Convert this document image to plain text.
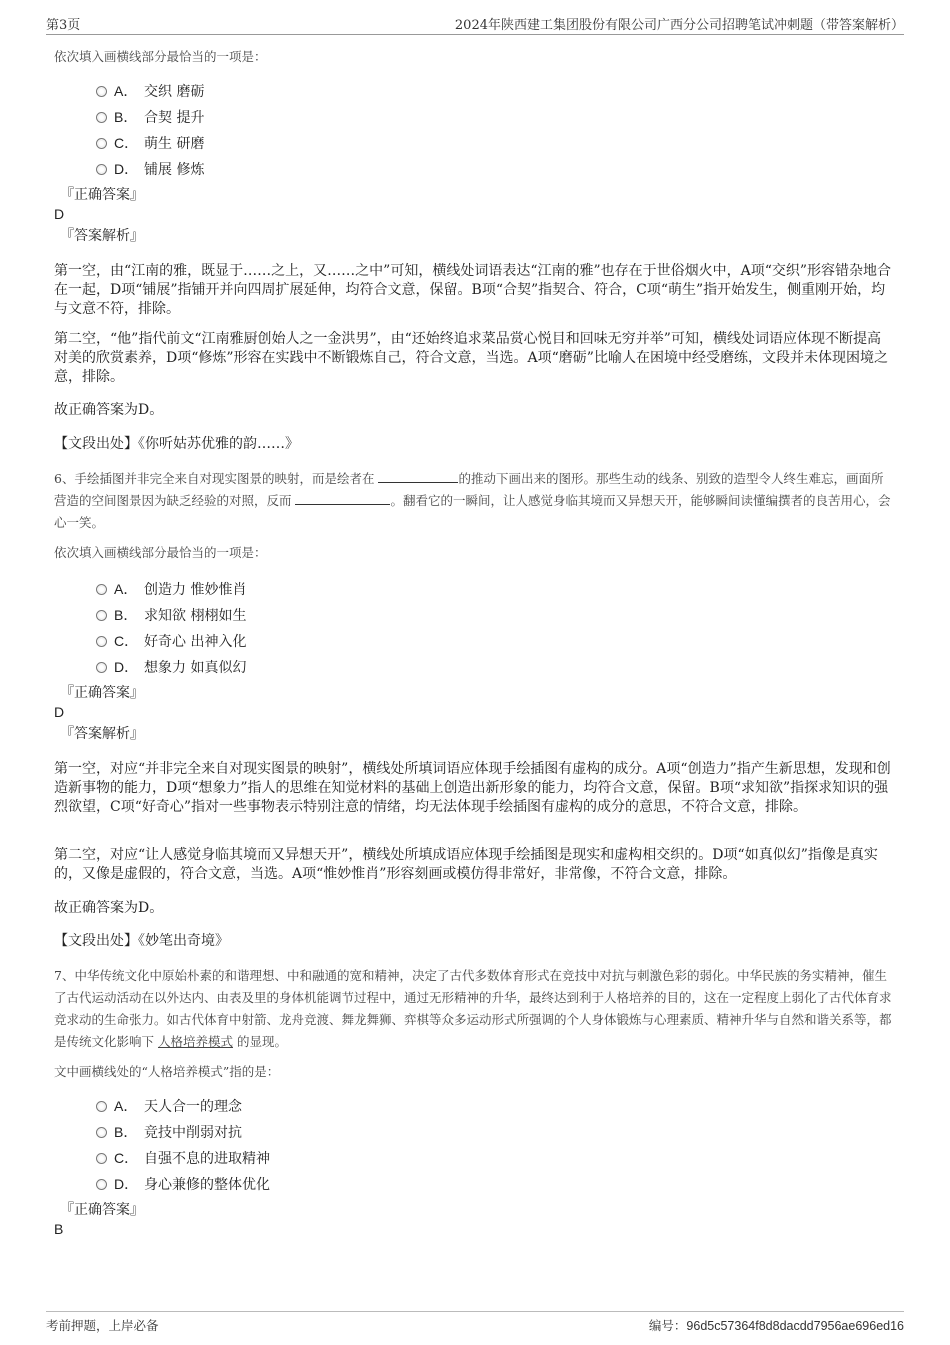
第3页	2024年陕西建工集团股份有限公司广西分公司招聘笔试冲刺题（带答案解析）
依次填入画横线部分最恰当的一项是：
A． 交织 磨砺
B． 合契 提升
C． 萌生 研磨
D． 铺展 修炼
『正确答案』
D
『答案解析』

第一空，由“江南的雅，既显于……之上，又……之中”可知，横线处词语表达“江南的雅”也存在于世俗烟火中，A项“交织”形容错杂地合在一起，D项“铺展”指铺开并向四周扩展延伸，均符合文意，保留。B项“合契”指契合、符合，C项“萌生”指开始发生，侧重刚开始，均与文意不符，排除。

第二空，“他”指代前文“江南雅厨创始人之一金洪男”，由“还始终追求菜品赏心悦目和回味无穷并举”可知，横线处词语应体现不断提高对美的欣赏素养，D项“修炼”形容在实践中不断锻炼自己，符合文意，当选。A项“磨砺”比喻人在困境中经受磨练，文段并未体现困境之意，排除。

故正确答案为D。

【文段出处】《你听姑苏优雅的韵……》
6、手绘插图并非完全来自对现实图景的映射，而是绘者在	的推动下画出来的图形。那些生动的线条、别致的造型令人终生难忘，画面所营造的空间图景因为缺乏经验的对照，反而	。翻看它的一瞬间，让人感觉身临其境而又异想天开，能够瞬间读懂编撰者的良苦用心，会心一笑。
依次填入画横线部分最恰当的一项是：
A． 创造力 惟妙惟肖
B． 求知欲 栩栩如生
C． 好奇心 出神入化
D． 想象力 如真似幻
『正确答案』
D
『答案解析』

第一空，对应“并非完全来自对现实图景的映射”，横线处所填词语应体现手绘插图有虚构的成分。A项“创造力”指产生新思想，发现和创造新事物的能力，D项“想象力”指人的思维在知觉材料的基础上创造出新形象的能力，均符合文意，保留。B项“求知欲”指探求知识的强烈欲望，C项“好奇心”指对一些事物表示特别注意的情绪，均无法体现手绘插图有虚构的成分的意思，不符合文意，排除。

第二空，对应“让人感觉身临其境而又异想天开”，横线处所填成语应体现手绘插图是现实和虚构相交织的。D项“如真似幻”指像是真实的，又像是虚假的，符合文意，当选。A项“惟妙惟肖”形容刻画或模仿得非常好，非常像，不符合文意，排除。

故正确答案为D。

【文段出处】《妙笔出奇境》
7、中华传统文化中原始朴素的和谐理想、中和融通的宽和精神，决定了古代多数体育形式在竞技中对抗与刺激色彩的弱化。中华民族的务实精神，催生了古代运动活动在以外达内、由表及里的身体机能调节过程中，通过无形精神的升华，最终达到利于人格培养的目的，这在一定程度上弱化了古代体育求竞求动的生命张力。如古代体育中射箭、龙舟竞渡、舞龙舞狮、弈棋等众多运动形式所强调的个人身体锻炼与心理素质、精神升华与自然和谐关系等，都是传统文化影响下 人格培养模式 的显现。
文中画横线处的“人格培养模式”指的是：
A． 天人合一的理念
B． 竞技中削弱对抗
C． 自强不息的进取精神
D． 身心兼修的整体优化
『正确答案』
B
考前押题，上岸必备	编号：96d5c57364f8d8dacdd7956ae696ed16
